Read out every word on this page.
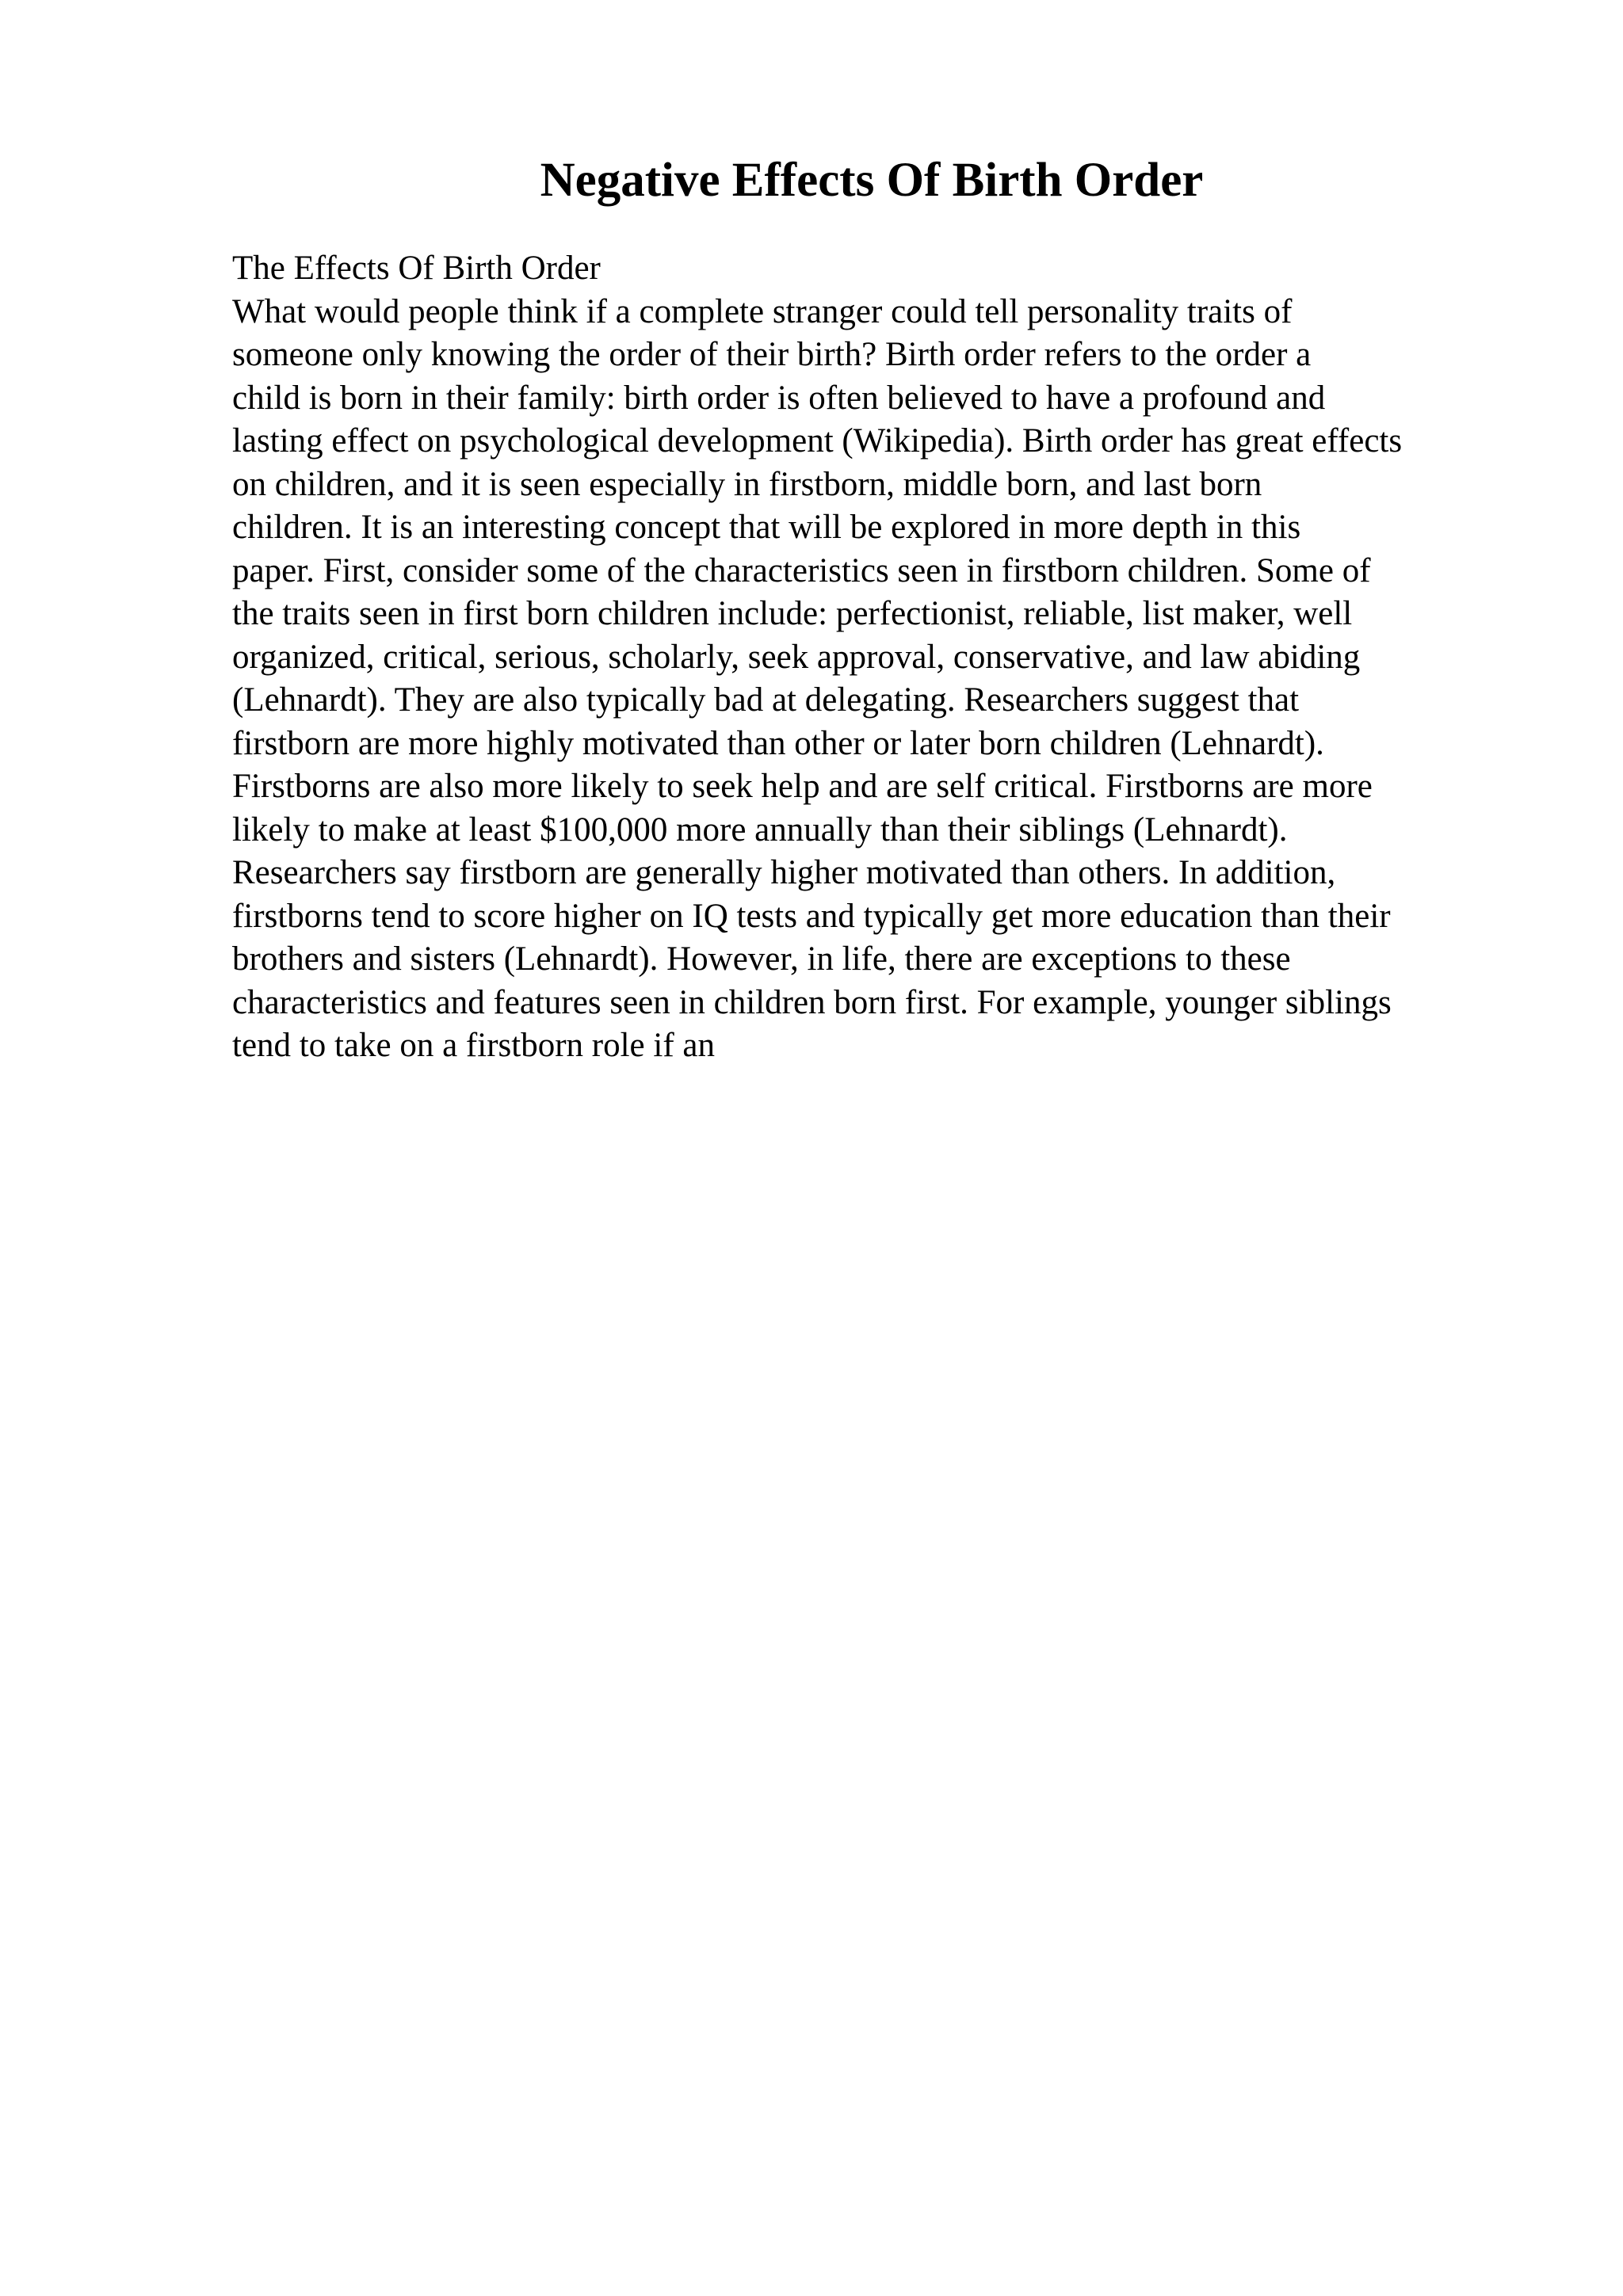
Negative Effects Of Birth Order
The Effects Of Birth Order
What would people think if a complete stranger could tell personality traits of
someone only knowing the order of their birth? Birth order refers to the order a
child is born in their family: birth order is often believed to have a profound and
lasting effect on psychological development (Wikipedia). Birth order has great effects
on children, and it is seen especially in firstborn, middle born, and last born
children. It is an interesting concept that will be explored in more depth in this
paper. First, consider some of the characteristics seen in firstborn children. Some of
the traits seen in first born children include: perfectionist, reliable, list maker, well
organized, critical, serious, scholarly, seek approval, conservative, and law abiding
(Lehnardt). They are also typically bad at delegating. Researchers suggest that
firstborn are more highly motivated than other or later born children (Lehnardt).
Firstborns are also more likely to seek help and are self critical. Firstborns are more
likely to make at least $100,000 more annually than their siblings (Lehnardt).
Researchers say firstborn are generally higher motivated than others. In addition,
firstborns tend to score higher on IQ tests and typically get more education than their
brothers and sisters (Lehnardt). However, in life, there are exceptions to these
characteristics and features seen in children born first. For example, younger siblings
tend to take on a firstborn role if an
